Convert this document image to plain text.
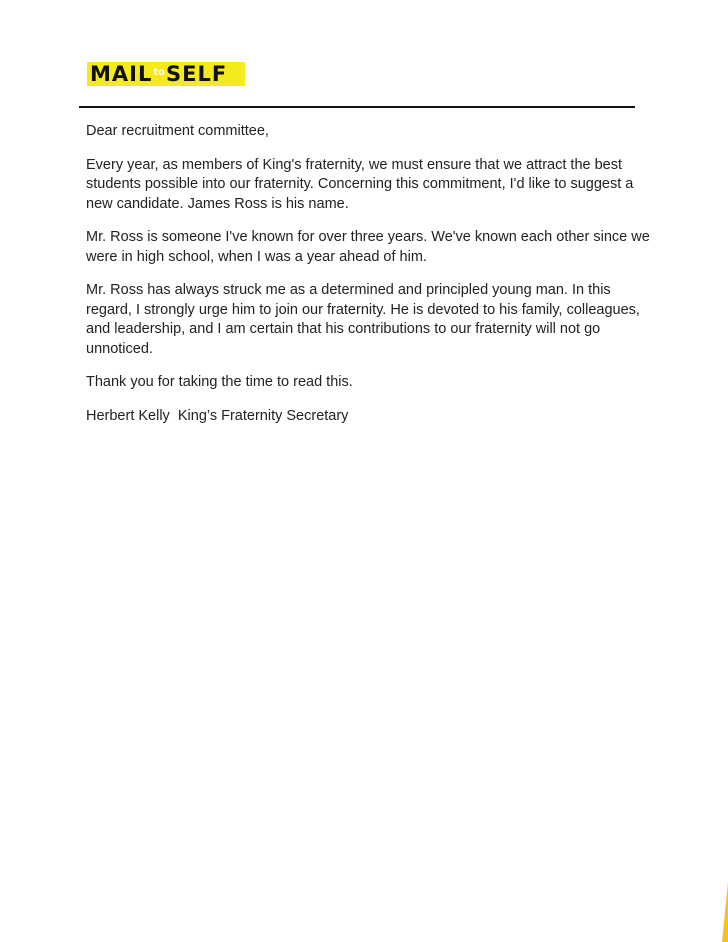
MAIL to SELF

Dear recruitment committee,

Every year, as members of King's fraternity, we must ensure that we attract the best students possible into our fraternity. Concerning this commitment, I'd like to suggest a new candidate. James Ross is his name.

Mr. Ross is someone I've known for over three years. We've known each other since we were in high school, when I was a year ahead of him.

Mr. Ross has always struck me as a determined and principled young man. In this regard, I strongly urge him to join our fraternity. He is devoted to his family, colleagues, and leadership, and I am certain that his contributions to our fraternity will not go unnoticed.

Thank you for taking the time to read this.

Herbert Kelly  King’s Fraternity Secretary
